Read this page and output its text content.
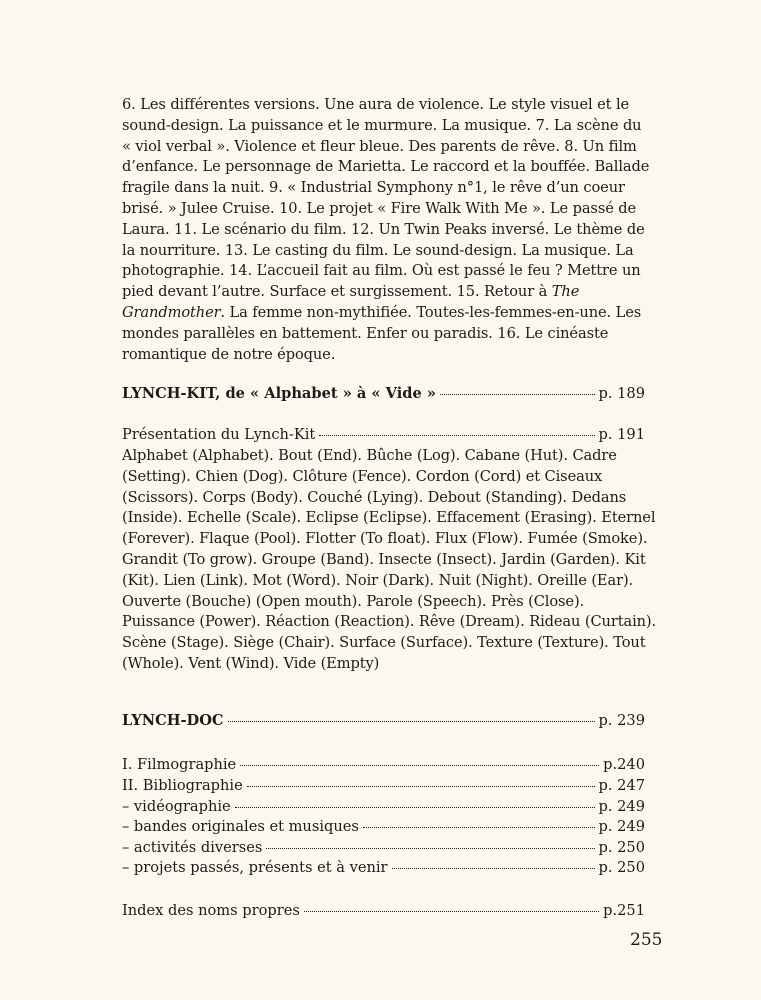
6. Les différentes versions. Une aura de violence. Le style visuel et le sound-design. La puissance et le murmure. La musique. 7. La scène du « viol verbal ». Violence et fleur bleue. Des parents de rêve. 8. Un film d’enfance. Le personnage de Marietta. Le raccord et la bouffée. Ballade fragile dans la nuit. 9. « Industrial Symphony n°1, le rêve d’un coeur brisé. » Julee Cruise. 10. Le projet « Fire Walk With Me ». Le passé de Laura. 11. Le scénario du film. 12. Un Twin Peaks inversé. Le thème de la nourriture. 13. Le casting du film. Le sound-design. La musique. La photographie. 14. L’accueil fait au film. Où est passé le feu ? Mettre un pied devant l’autre. Surface et surgissement. 15. Retour à The Grandmother. La femme non-mythifiée. Toutes-les-femmes-en-une. Les mondes parallèles en battement. Enfer ou paradis. 16. Le cinéaste romantique de notre époque.

LYNCH-KIT, de « Alphabet » à « Vide »	p. 189
Présentation du Lynch-Kit	p. 191

Alphabet (Alphabet). Bout (End). Bûche (Log). Cabane (Hut). Cadre (Setting). Chien (Dog). Clôture (Fence). Cordon (Cord) et Ciseaux (Scissors). Corps (Body). Couché (Lying). Debout (Standing). Dedans (Inside). Echelle (Scale). Eclipse (Eclipse). Effacement (Erasing). Eternel (Forever). Flaque (Pool). Flotter (To float). Flux (Flow). Fumée (Smoke). Grandit (To grow). Groupe (Band). Insecte (Insect). Jardin (Garden). Kit (Kit). Lien (Link). Mot (Word). Noir (Dark). Nuit (Night). Oreille (Ear). Ouverte (Bouche) (Open mouth). Parole (Speech). Près (Close). Puissance (Power). Réaction (Reaction). Rêve (Dream). Rideau (Curtain). Scène (Stage). Siège (Chair). Surface (Surface). Texture (Texture). Tout (Whole). Vent (Wind). Vide (Empty)

LYNCH-DOC	p. 239
I. Filmographie	p.240
II. Bibliographie	p. 247
– vidéographie	p. 249
– bandes originales et musiques	p. 249
– activités diverses	p. 250
– projets passés, présents et à venir	p. 250
Index des noms propres	p.251
255
